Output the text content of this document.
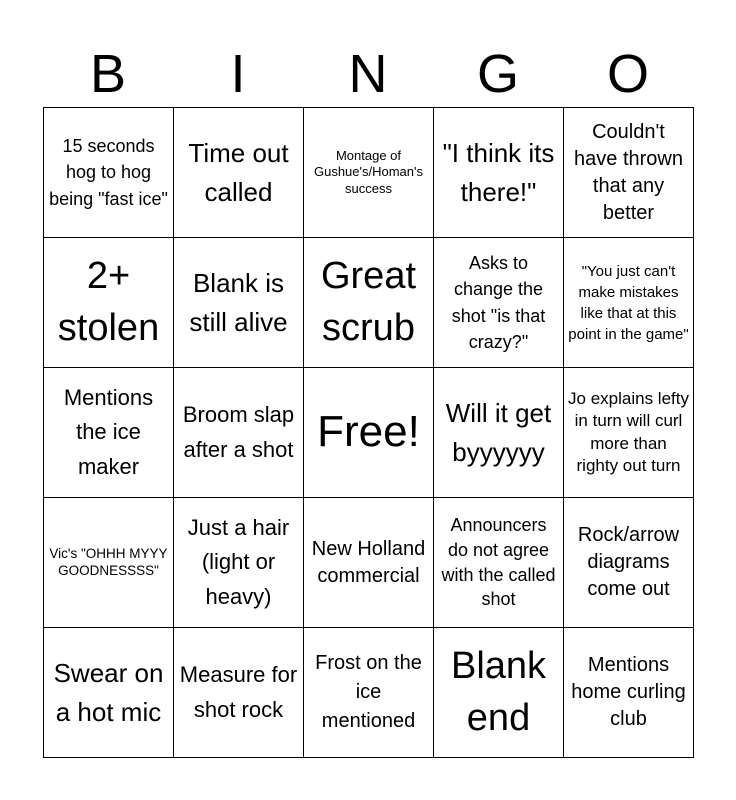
B	I	N	G	O
15 seconds hog to hog being "fast ice"
Time out called
Montage of Gushue's/Homan's success
"I think its there!"
Couldn't have thrown that any better
2+ stolen
Blank is still alive
Great scrub
Asks to change the shot "is that crazy?"
"You just can't make mistakes like that at this point in the game"
Mentions the ice maker
Broom slap after a shot Free! Will it get byyyyyy
Jo explains lefty in turn will curl more than righty out turn
Vic's "OHHH MYYY GOODNESSSS"
Just a hair (light or heavy)
New Holland commercial
Announcers do not agree with the called shot
Rock/arrow diagrams come out
Swear on a hot mic
Measure for shot rock
Frost on the ice mentioned
Blank end
Mentions home curling club
